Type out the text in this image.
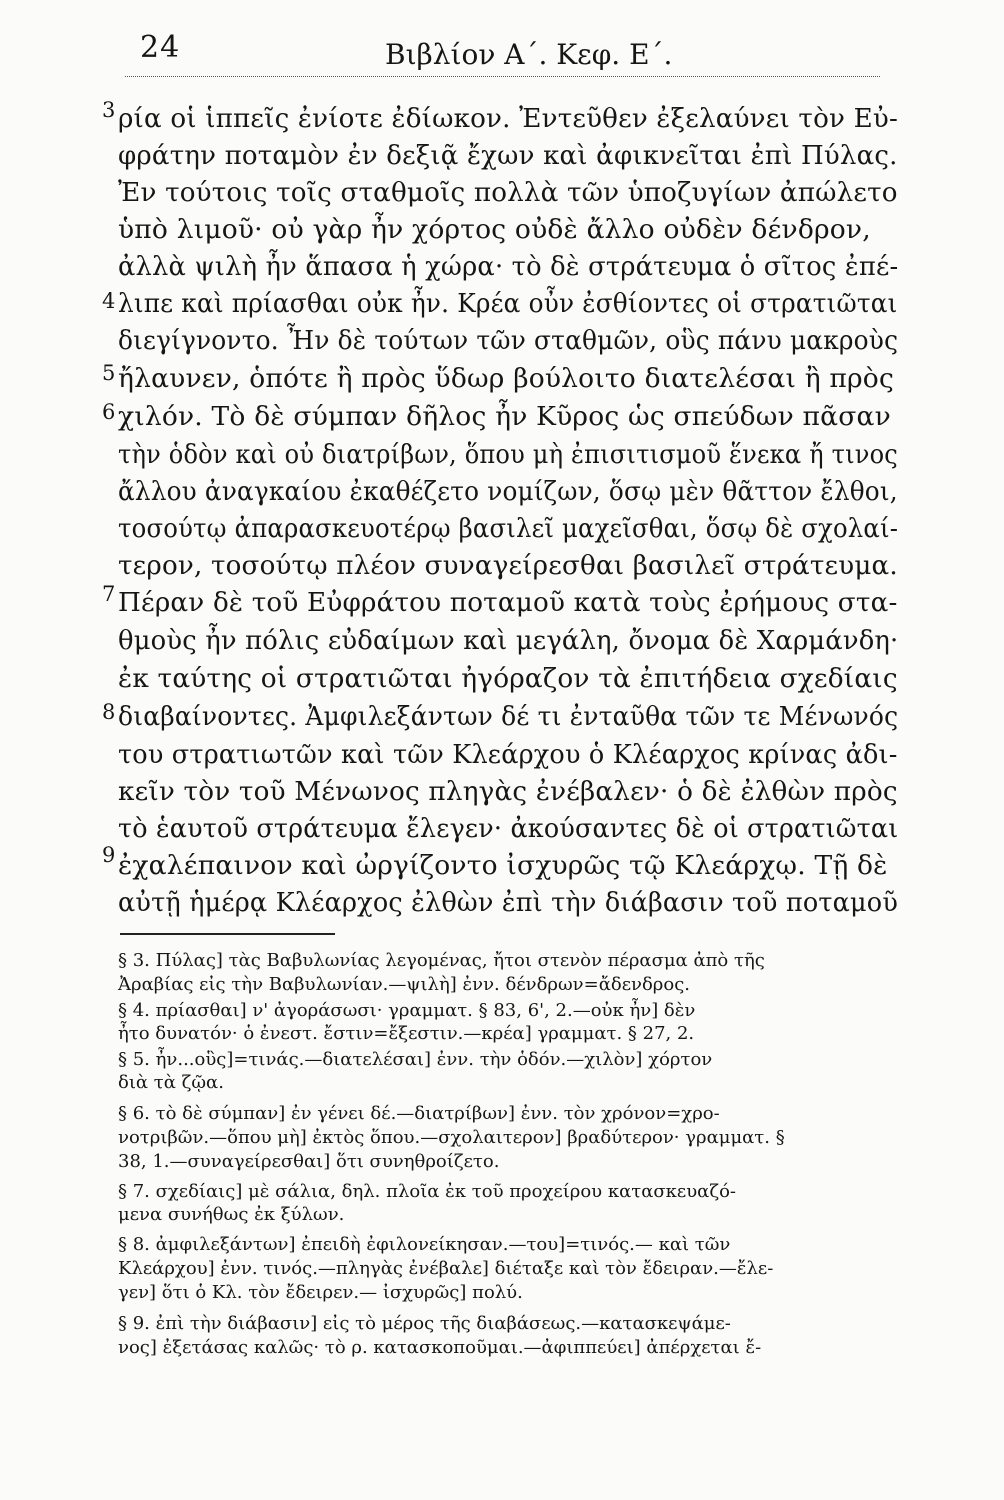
24	Βιβλίον Α΄. Κεφ. Ε΄.
3
4
5
6
7
8
9
ρία οἱ ἱππεῖς ἐνίοτε ἐδίωκον. Ἐντεῦθεν ἐξελαύνει τὸν Εὐ-
φράτην ποταμὸν ἐν δεξιᾷ ἔχων καὶ ἀφικνεῖται ἐπὶ Πύλας.
Ἐν τούτοις τοῖς σταθμοῖς πολλὰ τῶν ὑποζυγίων ἀπώλετο
ὑπὸ λιμοῦ· οὐ γὰρ ἦν χόρτος οὐδὲ ἄλλο οὐδὲν δένδρον,
ἀλλὰ ψιλὴ ἦν ἅπασα ἡ χώρα· τὸ δὲ στράτευμα ὁ σῖτος ἐπέ-
λιπε καὶ πρίασθαι οὐκ ἦν. Κρέα οὖν ἐσθίοντες οἱ στρατιῶται
διεγίγνοντο. Ἦν δὲ τούτων τῶν σταθμῶν, οὓς πάνυ μακροὺς
ἤλαυνεν, ὁπότε ἢ πρὸς ὕδωρ βούλοιτο διατελέσαι ἢ πρὸς
χιλόν. Τὸ δὲ σύμπαν δῆλος ἦν Κῦρος ὡς σπεύδων πᾶσαν
τὴν ὁδὸν καὶ οὐ διατρίβων, ὅπου μὴ ἐπισιτισμοῦ ἕνεκα ἤ τινος
ἄλλου ἀναγκαίου ἐκαθέζετο νομίζων, ὅσῳ μὲν θᾶττον ἔλθοι,
τοσούτῳ ἀπαρασκευοτέρῳ βασιλεῖ μαχεῖσθαι, ὅσῳ δὲ σχολαί-
τερον, τοσούτῳ πλέον συναγείρεσθαι βασιλεῖ στράτευμα.
Πέραν δὲ τοῦ Εὐφράτου ποταμοῦ κατὰ τοὺς ἐρήμους στα-
θμοὺς ἦν πόλις εὐδαίμων καὶ μεγάλη, ὄνομα δὲ Χαρμάνδη·
ἐκ ταύτης οἱ στρατιῶται ἠγόραζον τὰ ἐπιτήδεια σχεδίαις
διαβαίνοντες. Ἀμφιλεξάντων δέ τι ἐνταῦθα τῶν τε Μένωνός
του στρατιωτῶν καὶ τῶν Κλεάρχου ὁ Κλέαρχος κρίνας ἀδι-
κεῖν τὸν τοῦ Μένωνος πληγὰς ἐνέβαλεν· ὁ δὲ ἐλθὼν πρὸς
τὸ ἑαυτοῦ στράτευμα ἔλεγεν· ἀκούσαντες δὲ οἱ στρατιῶται
ἐχαλέπαινον καὶ ὠργίζοντο ἰσχυρῶς τῷ Κλεάρχῳ. Τῇ δὲ
αὐτῇ ἡμέρᾳ Κλέαρχος ἐλθὼν ἐπὶ τὴν διάβασιν τοῦ ποταμοῦ
§ 3. Πύλας] τὰς Βαβυλωνίας λεγομένας, ἤτοι στενὸν πέρασμα ἀπὸ τῆς
Ἀραβίας εἰς τὴν Βαβυλωνίαν.—ψιλὴ] ἐνν. δένδρων=ἄδενδρος.
§ 4. πρίασθαι] ν' ἀγοράσωσι· γραμματ. § 83, 6', 2.—οὐκ ἦν] δὲν
ἦτο δυνατόν· ὁ ἐνεστ. ἔστιν=ἔξεστιν.—κρέα] γραμματ. § 27, 2.
§ 5. ἦν...οὓς]=τινάς.—διατελέσαι] ἐνν. τὴν ὁδόν.—χιλὸν] χόρτον
διὰ τὰ ζῷα.
§ 6. τὸ δὲ σύμπαν] ἐν γένει δέ.—διατρίβων] ἐνν. τὸν χρόνον=χρο-
νοτριβῶν.—ὅπου μὴ] ἐκτὸς ὅπου.—σχολαιτερον] βραδύτερον· γραμματ. §
38, 1.—συναγείρεσθαι] ὅτι συνηθροίζετο.
§ 7. σχεδίαις] μὲ σάλια, δηλ. πλοῖα ἐκ τοῦ προχείρου κατασκευαζό-
μενα συνήθως ἐκ ξύλων.
§ 8. ἀμφιλεξάντων] ἐπειδὴ ἐφιλονείκησαν.—του]=τινός.— καὶ τῶν
Κλεάρχου] ἐνν. τινός.—πληγὰς ἐνέβαλε] διέταξε καὶ τὸν ἔδειραν.—ἔλε-
γεν] ὅτι ὁ Κλ. τὸν ἔδειρεν.— ἰσχυρῶς] πολύ.
§ 9. ἐπὶ τὴν διάβασιν] εἰς τὸ μέρος τῆς διαβάσεως.—κατασκεψάμε-
νος] ἐξετάσας καλῶς· τὸ ρ. κατασκοποῦμαι.—ἀφιππεύει] ἀπέρχεται ἔ-
